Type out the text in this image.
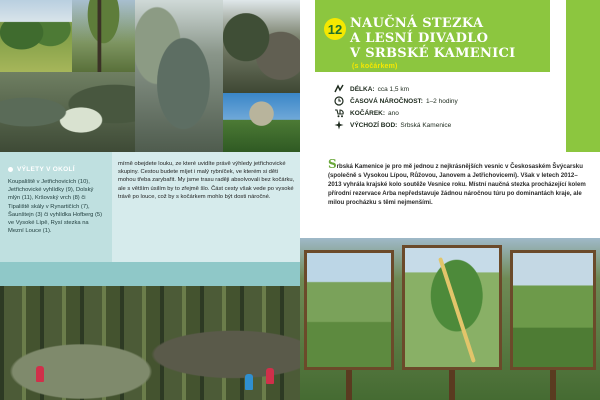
12 NAUČNÁ STEZKA
A LESNÍ DIVADLO
V SRBSKÉ KAMENICI
(s kočárkem)
DÉLKA: cca 1,5 km
ČASOVÁ NÁROČNOST: 1–2 hodiny
KOČÁREK: ano
VÝCHOZÍ BOD: Srbská Kamenice
VÝLETY V OKOLÍ
Koupaliště v Jetřichovicích (10), Jetřichovické vyhlídky (9), Dolský mlýn (11), Kršovský vrch (8) či Tipaliště skály v Rynartičích (7), Šaunštejn (3) či vyhlídka Hofberg (5) ve Vysoké Lípě, Rysí stezka na Mezní Louce (1).
mírně obejdete louku, ze které uvidíte právě výhledy jetřichovické skupiny. Cestou budete míjet i malý rybníček, ve kterém si děti mohou třeba zarybařit. My jsme trasu raději absolvovali bez kočárku, ale s větším úsilím by to zřejmě šlo. Část cesty však vede po vysoké trávě po louce, což by s kočárkem mohlo být dosti náročné.
Srbská Kamenice je pro mě jednou z nejkrásnějších vesnic v Českosaském Švýcarsku (společně s Vysokou Lípou, Růžovou, Janovem a Jetřichovicemi). Však v letech 2012–2013 vyhrála krajské kolo soutěže Vesnice roku. Místní naučná stezka procházející kolem přírodní rezervace Arba nepředstavuje žádnou náročnou túru po dominantách kraje, ale milou procházku s těmi nejmenšími.
